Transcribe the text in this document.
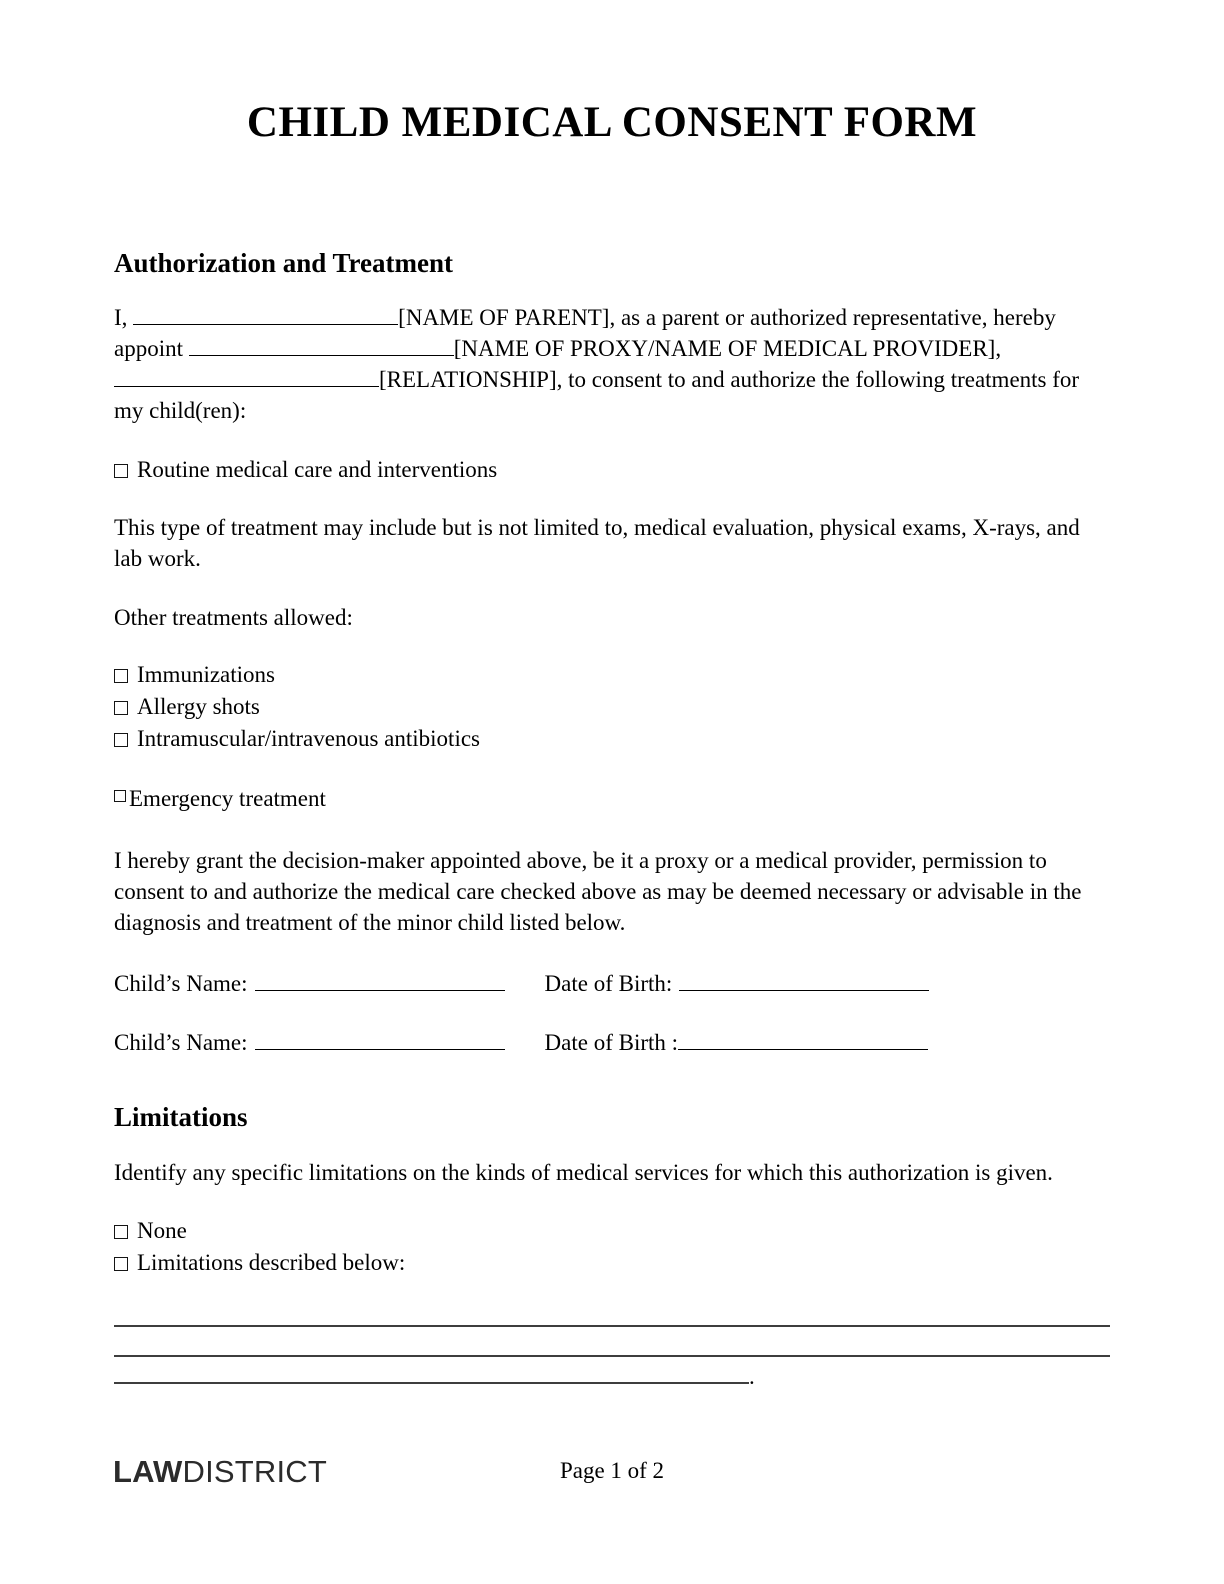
CHILD MEDICAL CONSENT FORM
Authorization and Treatment

I,	[NAME OF PARENT], as a parent or authorized representative, hereby appoint	[NAME OF PROXY/NAME OF MEDICAL PROVIDER], [RELATIONSHIP], to consent to and authorize the following treatments for my child(ren):

Routine medical care and interventions

This type of treatment may include but is not limited to, medical evaluation, physical exams, X-rays, and lab work.

Other treatments allowed:

Immunizations
Allergy shots
Intramuscular/intravenous antibiotics
Emergency treatment

I hereby grant the decision-maker appointed above, be it a proxy or a medical provider, permission to consent to and authorize the medical care checked above as may be deemed necessary or advisable in the diagnosis and treatment of the minor child listed below.

Child’s Name:	Date of Birth:
Child’s Name:	Date of Birth :
Limitations

Identify any specific limitations on the kinds of medical services for which this authorization is given.

None
Limitations described below:
.
LAWDISTRICT	Page 1 of 2
